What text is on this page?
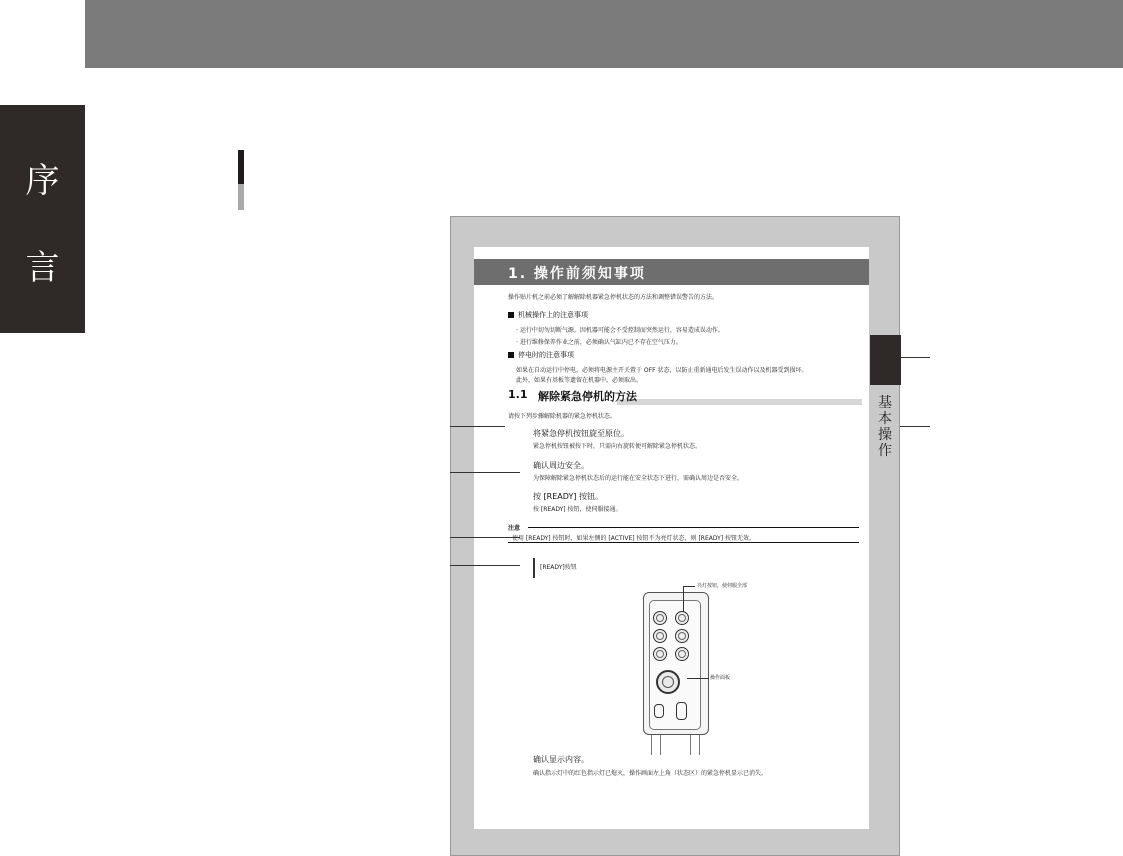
序
言
基本操作
1. 操作前须知事项
操作贴片机之前必须了解解除机器紧急停机状态的方法和调整错误警告的方法。
机械操作上的注意事项
· 运行中切勿切断气源。因机器可能会不受控制而突然运行，容易造成误动作。
· 进行维修保养作业之前，必须确认气缸内已不存在空气压力。
停电时的注意事项
如果在自动运行中停电，必须将电源主开关置于 OFF 状态，以防止重新通电后发生误动作以及机器受到损坏。
此外，如果有基板等遗留在机器中，必须取出。
1.1 解除紧急停机的方法
请按下列步骤解除机器的紧急停机状态。
将紧急停机按钮旋至原位。
紧急停机按钮被按下时，只需向右旋转便可解除紧急停机状态。
确认周边安全。
为保障解除紧急停机状态后的运行能在安全状态下进行，需确认周边是否安全。
按 [READY] 按钮。
按 [READY] 按钮，使伺服接通。
注意
使用 [READY] 按钮时，如果左侧的 [ACTIVE] 按钮不为亮灯状态，则 [READY] 按钮无效。
[READY]按钮
亮灯按钮，使伺服全部
操作面板
确认显示内容。
确认指示灯中的红色指示灯已熄灭，操作画面左上角（状态区）的紧急停机显示已消失。
